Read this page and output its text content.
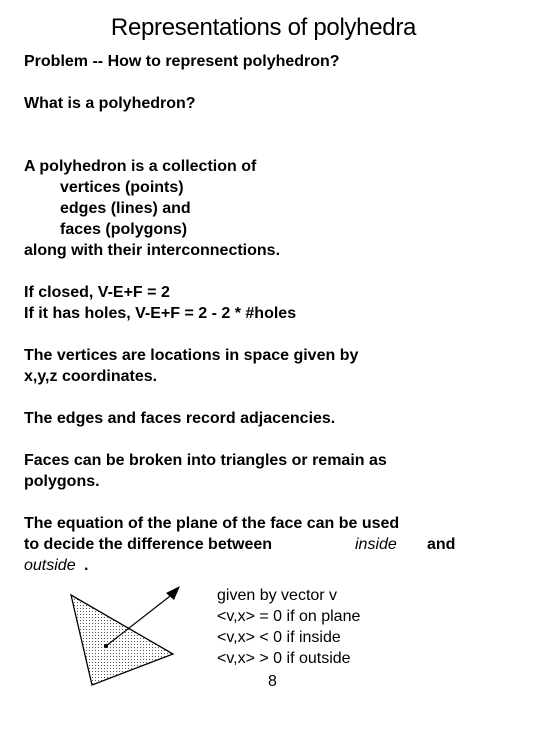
Representations of polyhedra
Problem -- How to represent polyhedron?
What is a polyhedron?
A polyhedron is a collection of
vertices (points)
edges (lines) and
faces (polygons)
along with their interconnections.
If closed, V-E+F = 2
If it has holes, V-E+F = 2 - 2 * #holes
The vertices are locations in space given by
x,y,z coordinates.
The edges and faces record adjacencies.
Faces can be broken into triangles or remain as
polygons.
The equation of the plane of the face can be used
to decide the difference between	inside and
outside .
given by vector v
<v,x> = 0 if on plane
<v,x> < 0 if inside
<v,x> > 0 if outside
8
